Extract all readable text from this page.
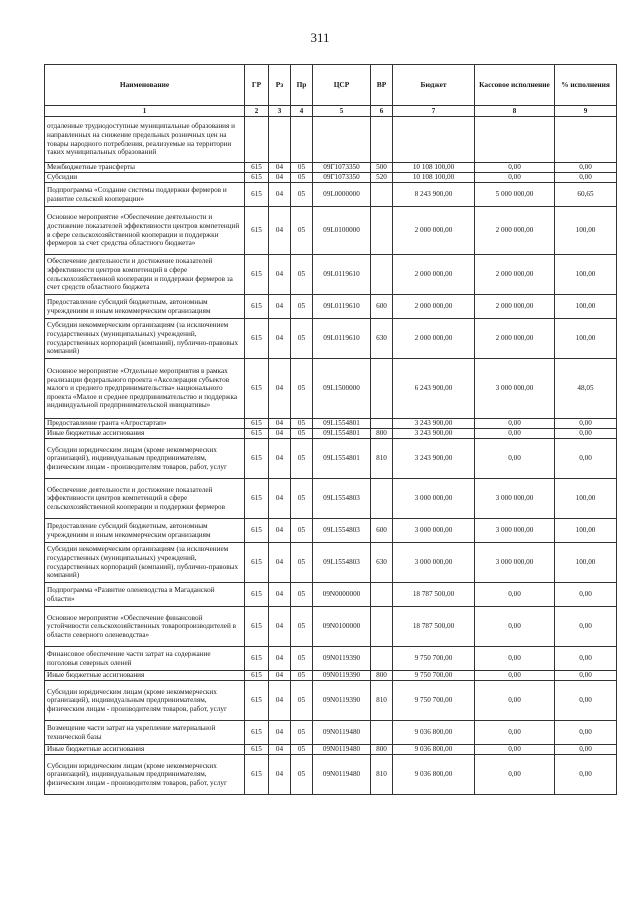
311
Наименование	ГР	Рз	Пр	ЦСР	ВР	Бюджет	Кассовое исполнение	% исполнения
1	2	3	4	5	6	7	8	9
отдаленные труднодоступные муниципальные образования и направленных на снижение предельных розничных цен на товары народного потребления, реализуемые на территории таких муниципальных образований								
Межбюджетные трансферты	615	04	05	09Г1073350	500	10 108 100,00	0,00	0,00
Субсидии	615	04	05	09Г1073350	520	10 108 100,00	0,00	0,00
Подпрограмма «Создание системы поддержки фермеров и развитие сельской кооперации»	615	04	05	09L0000000		8 243 900,00	5 000 000,00	60,65
Основное мероприятие «Обеспечение деятельности и достижение показателей эффективности центров компетенций в сфере сельскохозяйственной кооперации и поддержки фермеров за счет средства областного бюджета»	615	04	05	09L0100000		2 000 000,00	2 000 000,00	100,00
Обеспечение деятельности и достижение показателей эффективности центров компетенций в сфере сельскохозяйственной кооперации и поддержки фермеров за счет средств областного бюджета	615	04	05	09L0119610		2 000 000,00	2 000 000,00	100,00
Предоставление субсидий бюджетным, автономным учреждениям и иным некоммерческим организациям	615	04	05	09L0119610	600	2 000 000,00	2 000 000,00	100,00
Субсидии некоммерческим организациям (за исключением государственных (муниципальных) учреждений, государственных корпораций (компаний), публично-правовых компаний)	615	04	05	09L0119610	630	2 000 000,00	2 000 000,00	100,00
Основное мероприятие «Отдельные мероприятия в рамках реализации федерального проекта «Акселерация субъектов малого и среднего предпринимательства» национального проекта «Малое и среднее предпринимательство и поддержка индивидуальной предпринимательской инициативы»	615	04	05	09L1500000		6 243 900,00	3 000 000,00	48,05
Предоставление гранта «Агростартап»	615	04	05	09L1554801		3 243 900,00	0,00	0,00
Иные бюджетные ассигнования	615	04	05	09L1554801	800	3 243 900,00	0,00	0,00
Субсидии юридическим лицам (кроме некоммерческих организаций), индивидуальным предпринимателям, физическим лицам - производителям товаров, работ, услуг	615	04	05	09L1554801	810	3 243 900,00	0,00	0,00
Обеспечение деятельности и достижение показателей эффективности центров компетенций в сфере сельскохозяйственной кооперации и поддержки фермеров	615	04	05	09L1554803		3 000 000,00	3 000 000,00	100,00
Предоставление субсидий бюджетным, автономным учреждениям и иным некоммерческим организациям	615	04	05	09L1554803	600	3 000 000,00	3 000 000,00	100,00
Субсидии некоммерческим организациям (за исключением государственных (муниципальных) учреждений, государственных корпораций (компаний), публично-правовых компаний)	615	04	05	09L1554803	630	3 000 000,00	3 000 000,00	100,00
Подпрограмма «Развитие оленеводства в Магаданской области»	615	04	05	09N0000000		18 787 500,00	0,00	0,00
Основное мероприятие «Обеспечение финансовой устойчивости сельскохозяйственных товаропроизводителей в области северного оленеводства»	615	04	05	09N0100000		18 787 500,00	0,00	0,00
Финансовое обеспечение части затрат на содержание поголовья северных оленей	615	04	05	09N0119390		9 750 700,00	0,00	0,00
Иные бюджетные ассигнования	615	04	05	09N0119390	800	9 750 700,00	0,00	0,00
Субсидии юридическим лицам (кроме некоммерческих организаций), индивидуальным предпринимателям, физическим лицам - производителям товаров, работ, услуг	615	04	05	09N0119390	810	9 750 700,00	0,00	0,00
Возмещение части затрат на укрепление материальной технической базы	615	04	05	09N0119480		9 036 800,00	0,00	0,00
Иные бюджетные ассигнования	615	04	05	09N0119480	800	9 036 800,00	0,00	0,00
Субсидии юридическим лицам (кроме некоммерческих организаций), индивидуальным предпринимателям, физическим лицам - производителям товаров, работ, услуг	615	04	05	09N0119480	810	9 036 800,00	0,00	0,00
